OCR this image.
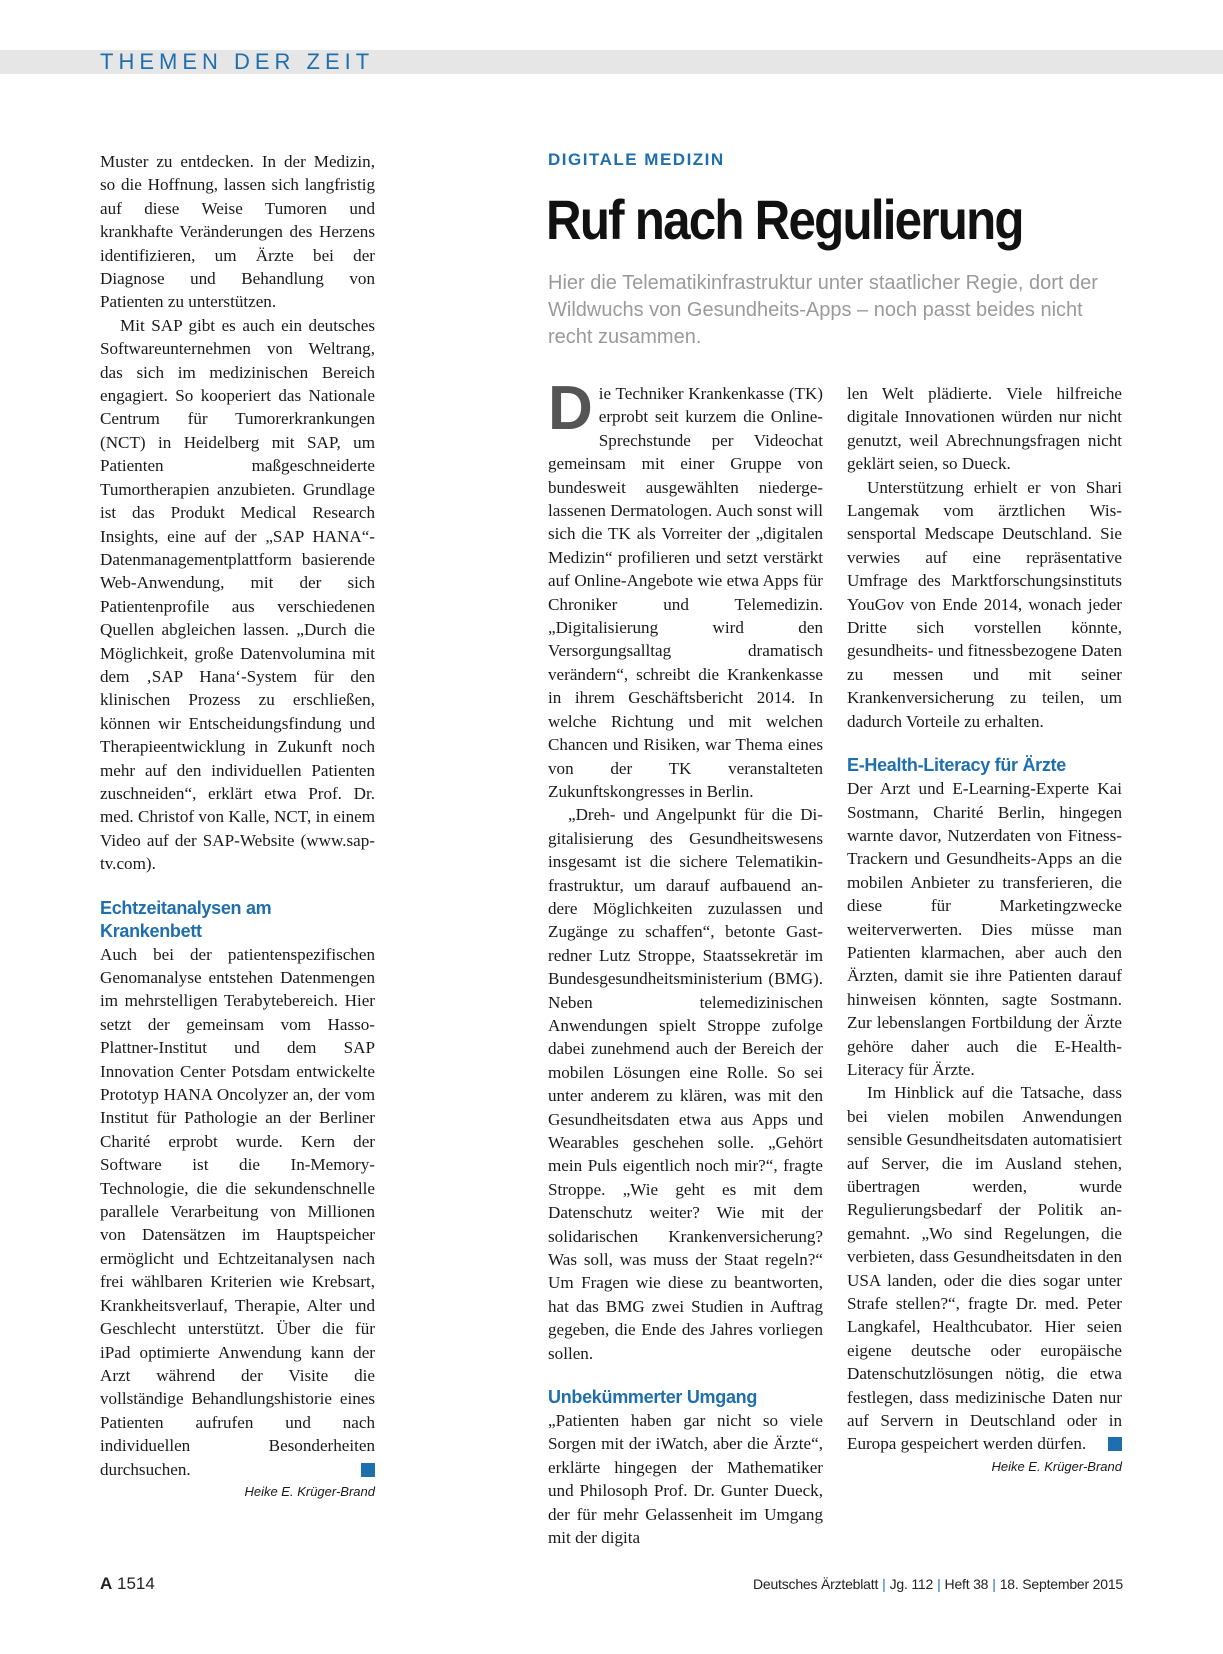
THEMEN DER ZEIT

Muster zu entdecken. In der Medizin, so die Hoffnung, lassen sich langfristig auf diese Weise Tumoren und krankhafte Veränderungen des Herzens identifizieren, um Ärzte bei der Diagnose und Behandlung von Patienten zu unterstützen.

Mit SAP gibt es auch ein deutsches Softwareunternehmen von Weltrang, das sich im medizinischen Bereich engagiert. So kooperiert das Nationale Centrum für Tumorerkrankungen (NCT) in Heidelberg mit SAP, um Patienten maßgeschneiderte Tumortherapien anzubieten. Grundlage ist das Produkt Medical Research Insights, eine auf der „SAP HANA“-Datenmanagementplattform basierende Web-Anwendung, mit der sich Patientenprofile aus verschiedenen Quellen abgleichen lassen. „Durch die Möglichkeit, große Datenvolumina mit dem ‚SAP Hana‘-System für den klinischen Prozess zu erschließen, können wir Entscheidungsfindung und Therapieentwicklung in Zukunft noch mehr auf den individuellen Patienten zuschneiden“, erklärt etwa Prof. Dr. med. Christof von Kalle, NCT, in einem Video auf der SAP-Website (www.sap-tv.com).

Echtzeitanalysen am Krankenbett

Auch bei der patientenspezifischen Genomanalyse entstehen Datenmengen im mehrstelligen Terabytebereich. Hier setzt der gemeinsam vom Hasso-Plattner-Institut und dem SAP Innovation Center Potsdam entwickelte Prototyp HANA Oncolyzer an, der vom Institut für Pathologie an der Berliner Charité erprobt wurde. Kern der Software ist die In-Memory-Technologie, die die sekundenschnelle parallele Verarbeitung von Millionen von Datensätzen im Hauptspeicher ermöglicht und Echtzeitanalysen nach frei wählbaren Kriterien wie Krebsart, Krankheitsverlauf, Therapie, Alter und Geschlecht unterstützt. Über die für iPad optimierte Anwendung kann der Arzt während der Visite die vollständige Behandlungshistorie eines Patienten aufrufen und nach individuellen Besonderheiten durchsuchen.

Heike E. Krüger-Brand
DIGITALE MEDIZIN
Ruf nach Regulierung
Hier die Telematikinfrastruktur unter staatlicher Regie, dort der Wildwuchs von Gesundheits-Apps – noch passt beides nicht recht zusammen.

Die Techniker Krankenkasse (TK) erprobt seit kurzem die Online-Sprechstunde per Videochat gemeinsam mit einer Gruppe von bundesweit ausgewählten niedergelassenen Dermatologen. Auch sonst will sich die TK als Vorreiter der „digitalen Medizin“ profilieren und setzt verstärkt auf Online-Angebote wie etwa Apps für Chroniker und Telemedizin. „Digitalisierung wird den Versorgungsalltag dramatisch verändern“, schreibt die Krankenkasse in ihrem Geschäftsbericht 2014. In welche Richtung und mit welchen Chancen und Risiken, war Thema eines von der TK veranstalteten Zukunftskongresses in Berlin.

„Dreh- und Angelpunkt für die Digitalisierung des Gesundheitswesens insgesamt ist die sichere Telematikinfrastruktur, um darauf aufbauend andere Möglichkeiten zuzulassen und Zugänge zu schaffen“, betonte Gastredner Lutz Stroppe, Staatssekretär im Bundesgesundheitsministerium (BMG). Neben telemedizinischen Anwendungen spielt Stroppe zufolge dabei zunehmend auch der Bereich der mobilen Lösungen eine Rolle. So sei unter anderem zu klären, was mit den Gesundheitsdaten etwa aus Apps und Wearables geschehen solle. „Gehört mein Puls eigentlich noch mir?“, fragte Stroppe. „Wie geht es mit dem Datenschutz weiter? Wie mit der solidarischen Krankenversicherung? Was soll, was muss der Staat regeln?“ Um Fragen wie diese zu beantworten, hat das BMG zwei Studien in Auftrag gegeben, die Ende des Jahres vorliegen sollen.

Unbekümmerter Umgang

„Patienten haben gar nicht so viele Sorgen mit der iWatch, aber die Ärzte“, erklärte hingegen der Mathematiker und Philosoph Prof. Dr. Gunter Dueck, der für mehr Gelassenheit im Umgang mit der digita

len Welt plädierte. Viele hilfreiche digitale Innovationen würden nur nicht genutzt, weil Abrechnungsfragen nicht geklärt seien, so Dueck.

Unterstützung erhielt er von Shari Langemak vom ärztlichen Wissensportal Medscape Deutschland. Sie verwies auf eine repräsentative Umfrage des Marktforschungsinstituts YouGov von Ende 2014, wonach jeder Dritte sich vorstellen könnte, gesundheits- und fitnessbezogene Daten zu messen und mit seiner Krankenversicherung zu teilen, um dadurch Vorteile zu erhalten.

E-Health-Literacy für Ärzte

Der Arzt und E-Learning-Experte Kai Sostmann, Charité Berlin, hingegen warnte davor, Nutzerdaten von Fitness-Trackern und Gesundheits-Apps an die mobilen Anbieter zu transferieren, die diese für Marketingzwecke weiterverwerten. Dies müsse man Patienten klarmachen, aber auch den Ärzten, damit sie ihre Patienten darauf hinweisen könnten, sagte Sostmann. Zur lebenslangen Fortbildung der Ärzte gehöre daher auch die E-Health-Literacy für Ärzte.

Im Hinblick auf die Tatsache, dass bei vielen mobilen Anwendungen sensible Gesundheitsdaten automatisiert auf Server, die im Ausland stehen, übertragen werden, wurde Regulierungsbedarf der Politik angemahnt. „Wo sind Regelungen, die verbieten, dass Gesundheitsdaten in den USA landen, oder die dies sogar unter Strafe stellen?“, fragte Dr. med. Peter Langkafel, Healthcubator. Hier seien eigene deutsche oder europäische Datenschutzlösungen nötig, die etwa festlegen, dass medizinische Daten nur auf Servern in Deutschland oder in Europa gespeichert werden dürfen.

Heike E. Krüger-Brand
A 1514	Deutsches Ärzteblatt | Jg. 112 | Heft 38 | 18. September 2015
